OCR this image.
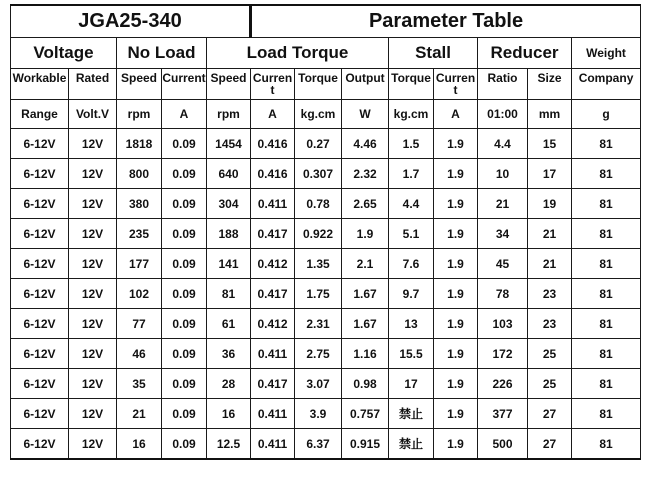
JGA25-340					Parameter Table							
Voltage		No Load		Load Torque				Stall		Reducer		Weight

Workable	Rated	Speed	Current	Speed	Current	Torque	Output	Torque	Current	Ratio	Size	Company

Range	Volt.V	rpm	A	rpm	A	kg.cm	W	kg.cm	A	01:00	mm	g
6-12V	12V	1818	0.09	1454	0.416	0.27	4.46	1.5	1.9	4.4	15	81
6-12V	12V	800	0.09	640	0.416	0.307	2.32	1.7	1.9	10	17	81
6-12V	12V	380	0.09	304	0.411	0.78	2.65	4.4	1.9	21	19	81
6-12V	12V	235	0.09	188	0.417	0.922	1.9	5.1	1.9	34	21	81
6-12V	12V	177	0.09	141	0.412	1.35	2.1	7.6	1.9	45	21	81
6-12V	12V	102	0.09	81	0.417	1.75	1.67	9.7	1.9	78	23	81
6-12V	12V	77	0.09	61	0.412	2.31	1.67	13	1.9	103	23	81
6-12V	12V	46	0.09	36	0.411	2.75	1.16	15.5	1.9	172	25	81
6-12V	12V	35	0.09	28	0.417	3.07	0.98	17	1.9	226	25	81
6-12V	12V	21	0.09	16	0.411	3.9	0.757	禁止	1.9	377	27	81
6-12V	12V	16	0.09	12.5	0.411	6.37	0.915	禁止	1.9	500	27	81
